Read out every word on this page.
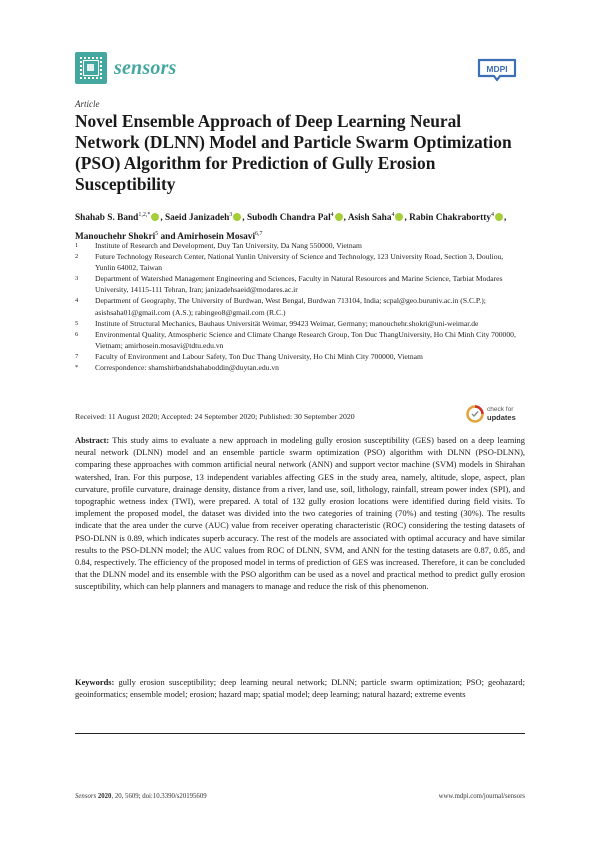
sensors	MDPI
Article
Novel Ensemble Approach of Deep Learning Neural Network (DLNN) Model and Particle Swarm Optimization (PSO) Algorithm for Prediction of Gully Erosion Susceptibility
Shahab S. Band$^{1,2,*}$ , Saeid Janizadeh$^3$ , Subodh Chandra Pal$^4$ , Asish Saha$^4$ , Rabin Chakrabortty$^4$ , Manouchehr Shokri$^5$ and Amirhosein Mosavi$^{6,7}$
1	Institute of Research and Development, Duy Tan University, Da Nang 550000, Vietnam
2	Future Technology Research Center, National Yunlin University of Science and Technology, 123 University Road, Section 3, Douliou, Yunlin 64002, Taiwan
3	Department of Watershed Management Engineering and Sciences, Faculty in Natural Resources and Marine Science, Tarbiat Modares University, 14115-111 Tehran, Iran; janizadehsaeid@modares.ac.ir
4	Department of Geography, The University of Burdwan, West Bengal, Burdwan 713104, India; scpal@geo.buruniv.ac.in (S.C.P.); asishsaha01@gmail.com (A.S.); rabingeo8@gmail.com (R.C.)
5	Institute of Structural Mechanics, Bauhaus Universität Weimar, 99423 Weimar, Germany; manouchehr.shokri@uni-weimar.de
6	Environmental Quality, Atmospheric Science and Climate Change Research Group, Ton Duc ThangUniversity, Ho Chi Minh City 700000, Vietnam; amirhosein.mosavi@tdtu.edu.vn
7	Faculty of Environment and Labour Safety, Ton Duc Thang University, Ho Chi Minh City 700000, Vietnam
*	Correspondence: shamshirbandshahaboddin@duytan.edu.vn
Received: 11 August 2020; Accepted: 24 September 2020; Published: 30 September 2020
check for
updates
Abstract: This study aims to evaluate a new approach in modeling gully erosion susceptibility (GES) based on a deep learning neural network (DLNN) model and an ensemble particle swarm optimization (PSO) algorithm with DLNN (PSO-DLNN), comparing these approaches with common artificial neural network (ANN) and support vector machine (SVM) models in Shirahan watershed, Iran. For this purpose, 13 independent variables affecting GES in the study area, namely, altitude, slope, aspect, plan curvature, profile curvature, drainage density, distance from a river, land use, soil, lithology, rainfall, stream power index (SPI), and topographic wetness index (TWI), were prepared. A total of 132 gully erosion locations were identified during field visits. To implement the proposed model, the dataset was divided into the two categories of training (70%) and testing (30%). The results indicate that the area under the curve (AUC) value from receiver operating characteristic (ROC) considering the testing datasets of PSO-DLNN is 0.89, which indicates superb accuracy. The rest of the models are associated with optimal accuracy and have similar results to the PSO-DLNN model; the AUC values from ROC of DLNN, SVM, and ANN for the testing datasets are 0.87, 0.85, and 0.84, respectively. The efficiency of the proposed model in terms of prediction of GES was increased. Therefore, it can be concluded that the DLNN model and its ensemble with the PSO algorithm can be used as a novel and practical method to predict gully erosion susceptibility, which can help planners and managers to manage and reduce the risk of this phenomenon.
Keywords: gully erosion susceptibility; deep learning neural network; DLNN; particle swarm optimization; PSO; geohazard; geoinformatics; ensemble model; erosion; hazard map; spatial model; deep learning; natural hazard; extreme events
Sensors 2020, 20, 5609; doi:10.3390/s20195609	www.mdpi.com/journal/sensors
